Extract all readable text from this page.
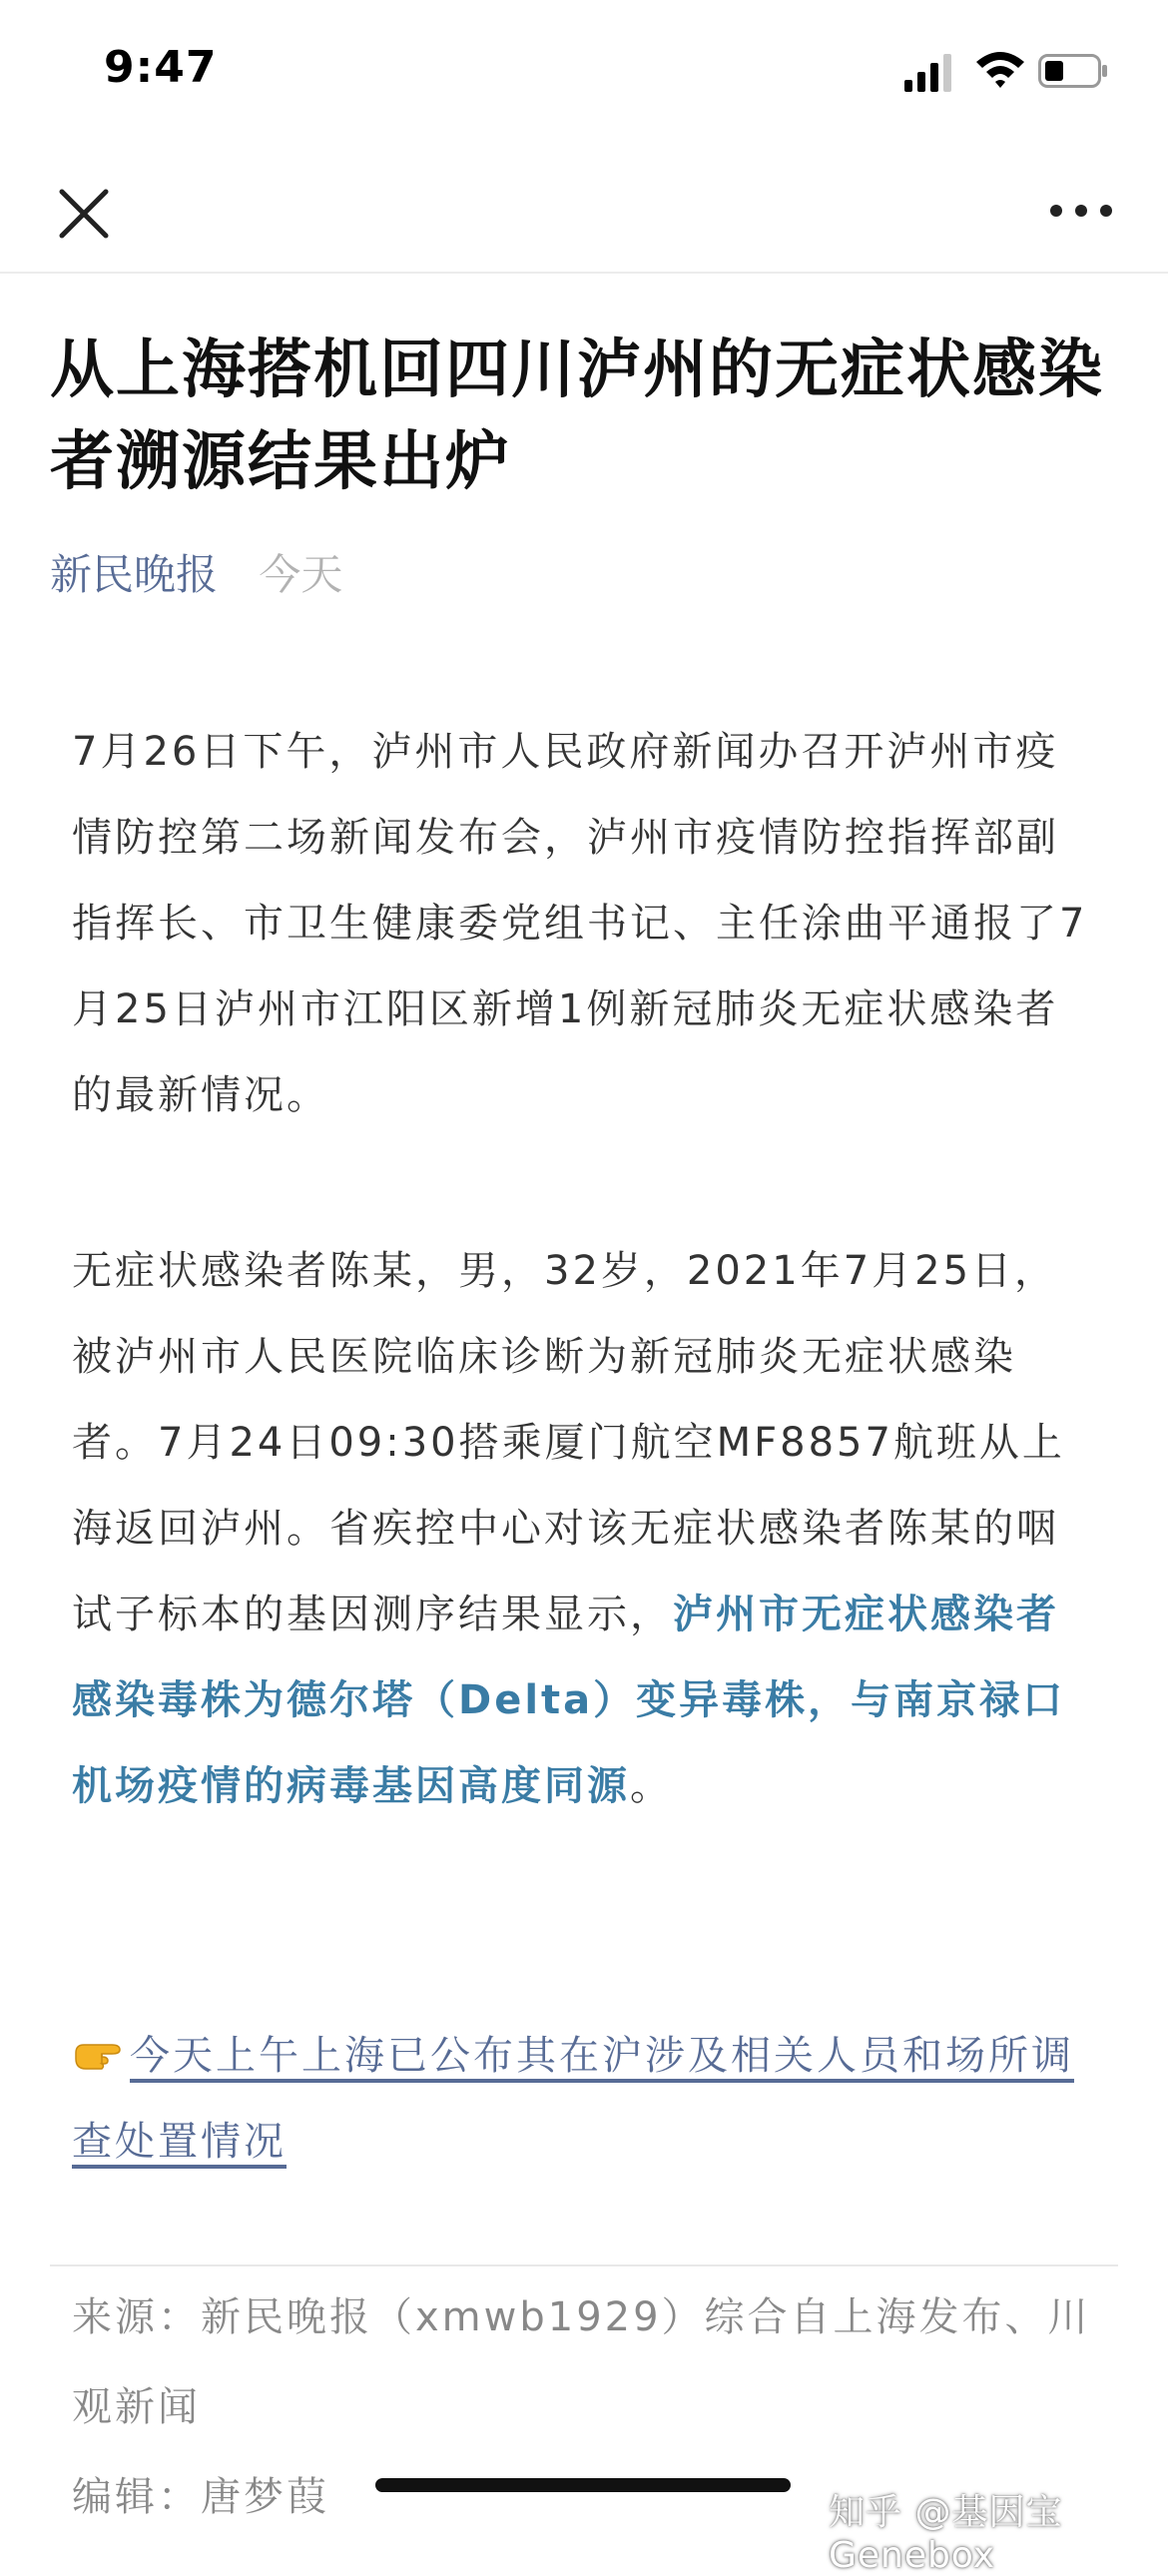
9:47
从上海搭机回四川泸州的无症状感染者溯源结果出炉
新民晚报 今天

7月26日下午，泸州市人民政府新闻办召开泸州市疫情防控第二场新闻发布会，泸州市疫情防控指挥部副指挥长、市卫生健康委党组书记、主任涂曲平通报了7月25日泸州市江阳区新增1例新冠肺炎无症状感染者的最新情况。

无症状感染者陈某，男，32岁，2021年7月25日，被泸州市人民医院临床诊断为新冠肺炎无症状感染者。7月24日09:30搭乘厦门航空MF8857航班从上海返回泸州。省疾控中心对该无症状感染者陈某的咽试子标本的基因测序结果显示，泸州市无症状感染者感染毒株为德尔塔（Delta）变异毒株，与南京禄口机场疫情的病毒基因高度同源。

今天上午上海已公布其在沪涉及相关人员和场所调查处置情况

来源：新民晚报（xmwb1929）综合自上海发布、川观新闻

编辑：唐梦葭	知乎 @基因宝Genebox
